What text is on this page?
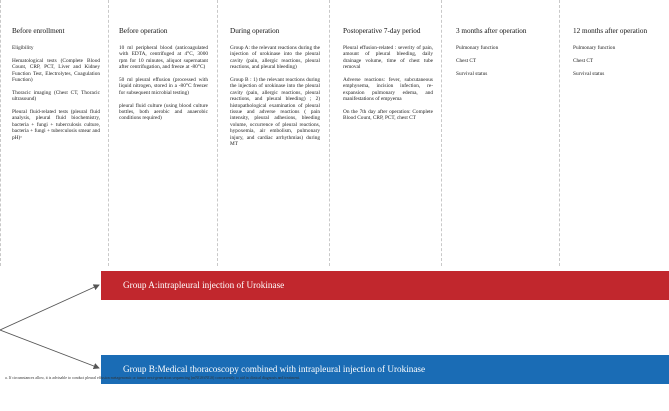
Before enrollment

Eligibility

Hematological tests (Complete Blood Count, CRP, PCT, Liver and Kidney Function Test, Electrolytes, Coagulation Function)

Thoracic imaging (Chest CT, Thoracic ultrasound)

Pleural fluid-related tests (pleural fluid analysis, pleural fluid biochemistry, bacteria + fungi + tuberculosis culture, bacteria + fungi + tuberculosis smear and pH)ᵃ

Before operation

10 ml peripheral blood (anticoagulated with EDTA, centrifuged at 4°C, 3000 rpm for 10 minutes, aliquot supernatant after centrifugation, and freeze at -80°C)

50 ml pleural effusion (processed with liquid nitrogen, stored in a -80°C freezer for subsequent microbial testing)

pleural fluid culture (using blood culture bottles, both aerobic and anaerobic conditions required)

During operation

Group A: the relevant reactions during the injection of urokinase into the pleural cavity (pain, allergic reactions, pleural reactions, and pleural bleeding)

Group B : 1) the relevant reactions during the injection of urokinase into the pleural cavity (pain, allergic reactions, pleural reactions, and pleural bleeding) ; 2) histopathological examination of pleural tissue and adverse reactions ( pain intensity, pleural adhesions, bleeding volume, occurrence of pleural reactions, hypoxemia, air embolism, pulmonary injury, and cardiac arrhythmias) during MT

Postoperative 7-day period

Pleural effusion-related : severity of pain, amount of pleural bleeding, daily drainage volume, time of chest tube removal

Adverse reactions: fever, subcutaneous emphysema, incision infection, re-expansion pulmonary edema, and manifestations of empyema

On the 7th day after operation: Complete Blood Count, CRP, PCT, chest CT

3 months after operation

Pulmonary function

Chest CT

Survival status

12 months after operation

Pulmonary function

Chest CT

Survival status

Group A:intrapleural injection of Urokinase
Group B:Medical thoracoscopy combined with intrapleural injection of Urokinase
a. If circumstances allow, it is advisable to conduct pleural effusion metagenomic or tumor next-generation sequencing (mNGS/tNGS) concurrently to aid in clinical diagnosis and treatment.
